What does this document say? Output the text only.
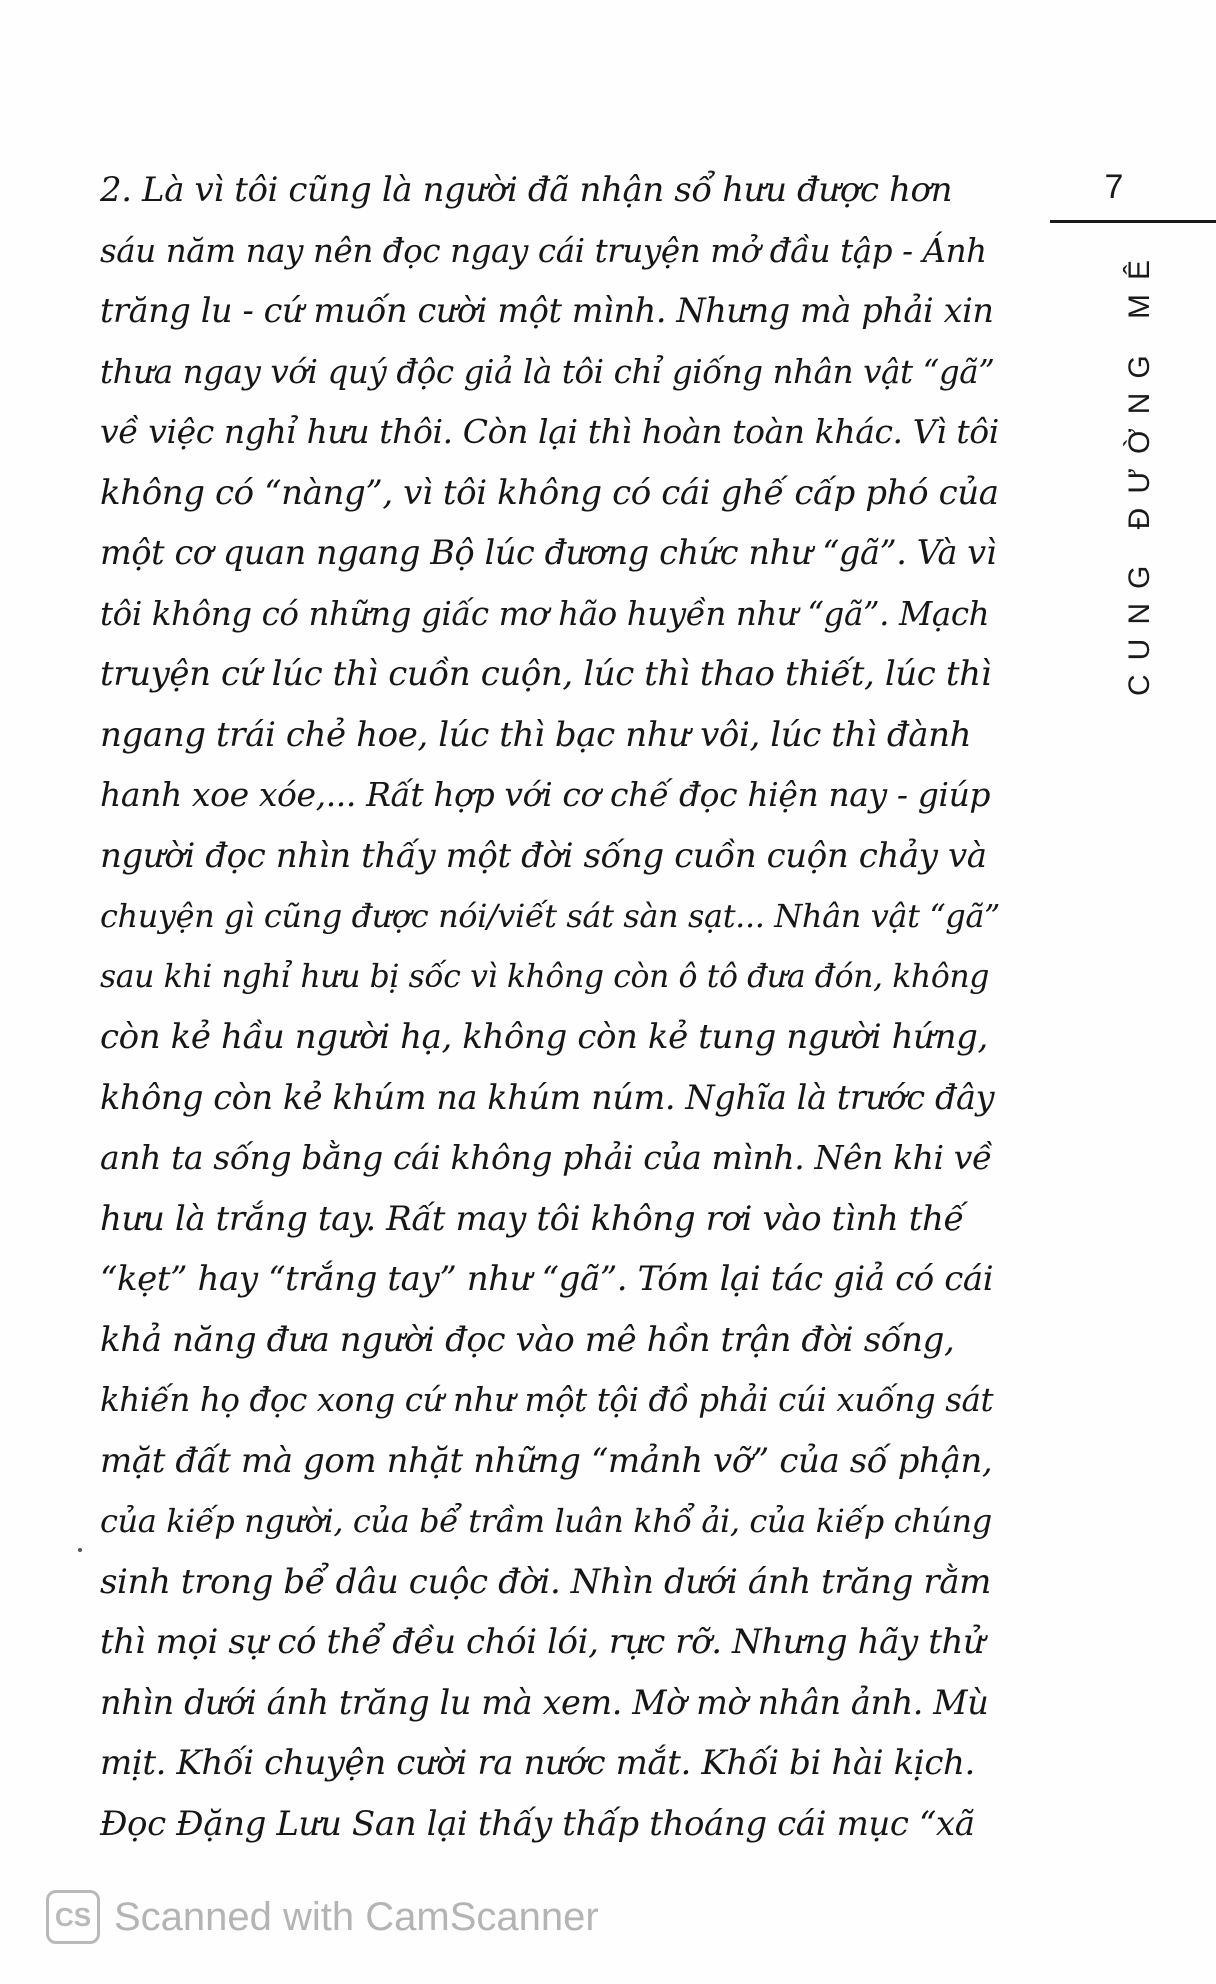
7
CUNG ĐƯỜNG MÊ
2. Là vì tôi cũng là người đã nhận sổ hưu được hơn
sáu năm nay nên đọc ngay cái truyện mở đầu tập - Ánh
trăng lu - cứ muốn cười một mình. Nhưng mà phải xin
thưa ngay với quý độc giả là tôi chỉ giống nhân vật “gã”
về việc nghỉ hưu thôi. Còn lại thì hoàn toàn khác. Vì tôi
không có “nàng”, vì tôi không có cái ghế cấp phó của
một cơ quan ngang Bộ lúc đương chức như “gã”. Và vì
tôi không có những giấc mơ hão huyền như “gã”. Mạch
truyện cứ lúc thì cuồn cuộn, lúc thì thao thiết, lúc thì
ngang trái chẻ hoe, lúc thì bạc như vôi, lúc thì đành
hanh xoe xóe,... Rất hợp với cơ chế đọc hiện nay - giúp
người đọc nhìn thấy một đời sống cuồn cuộn chảy và
chuyện gì cũng được nói/viết sát sàn sạt... Nhân vật “gã”
sau khi nghỉ hưu bị sốc vì không còn ô tô đưa đón, không
còn kẻ hầu người hạ, không còn kẻ tung người hứng,
không còn kẻ khúm na khúm núm. Nghĩa là trước đây
anh ta sống bằng cái không phải của mình. Nên khi về
hưu là trắng tay. Rất may tôi không rơi vào tình thế
“kẹt” hay “trắng tay” như “gã”. Tóm lại tác giả có cái
khả năng đưa người đọc vào mê hồn trận đời sống,
khiến họ đọc xong cứ như một tội đồ phải cúi xuống sát
mặt đất mà gom nhặt những “mảnh vỡ” của số phận,
của kiếp người, của bể trầm luân khổ ải, của kiếp chúng
sinh trong bể dâu cuộc đời. Nhìn dưới ánh trăng rằm
thì mọi sự có thể đều chói lói, rực rỡ. Nhưng hãy thử
nhìn dưới ánh trăng lu mà xem. Mờ mờ nhân ảnh. Mù
mịt. Khối chuyện cười ra nước mắt. Khối bi hài kịch.
Đọc Đặng Lưu San lại thấy thấp thoáng cái mục “xã
CS Scanned with CamScanner
